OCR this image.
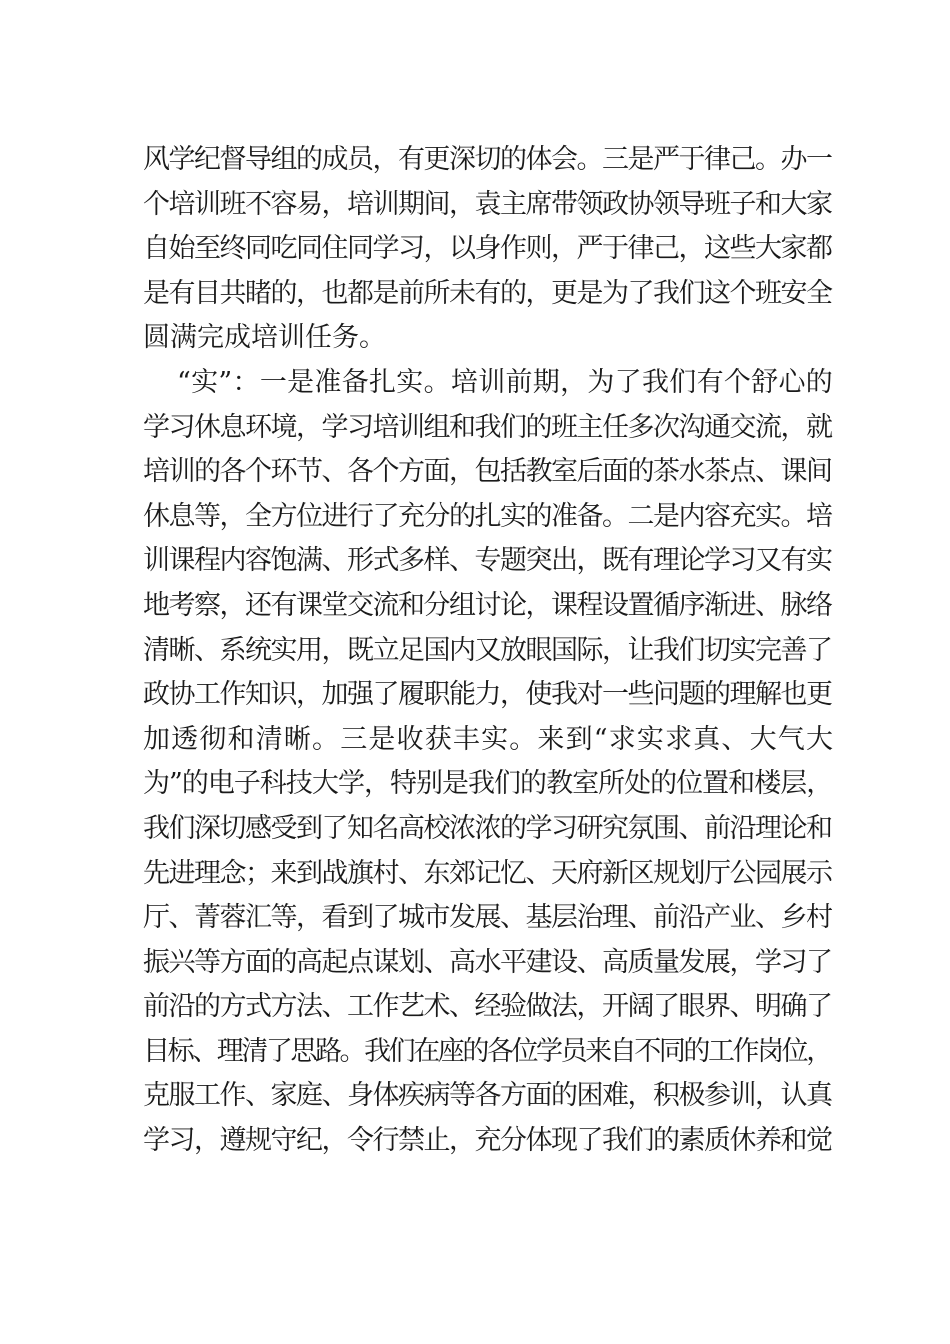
风学纪督导组的成员，有更深切的体会。三是严于律己。办一
个培训班不容易，培训期间，袁主席带领政协领导班子和大家
自始至终同吃同住同学习，以身作则，严于律己，这些大家都
是有目共睹的，也都是前所未有的，更是为了我们这个班安全
圆满完成培训任务。
“实”：一是准备扎实。培训前期，为了我们有个舒心的
学习休息环境，学习培训组和我们的班主任多次沟通交流，就
培训的各个环节、各个方面，包括教室后面的茶水茶点、课间
休息等，全方位进行了充分的扎实的准备。二是内容充实。培
训课程内容饱满、形式多样、专题突出，既有理论学习又有实
地考察，还有课堂交流和分组讨论，课程设置循序渐进、脉络
清晰、系统实用，既立足国内又放眼国际，让我们切实完善了
政协工作知识，加强了履职能力，使我对一些问题的理解也更
加透彻和清晰。三是收获丰实。来到“求实求真、大气大
为”的电子科技大学，特别是我们的教室所处的位置和楼层，
我们深切感受到了知名高校浓浓的学习研究氛围、前沿理论和
先进理念；来到战旗村、东郊记忆、天府新区规划厅公园展示
厅、菁蓉汇等，看到了城市发展、基层治理、前沿产业、乡村
振兴等方面的高起点谋划、高水平建设、高质量发展，学习了
前沿的方式方法、工作艺术、经验做法，开阔了眼界、明确了
目标、理清了思路。我们在座的各位学员来自不同的工作岗位，
克服工作、家庭、身体疾病等各方面的困难，积极参训，认真
学习，遵规守纪，令行禁止，充分体现了我们的素质休养和觉
